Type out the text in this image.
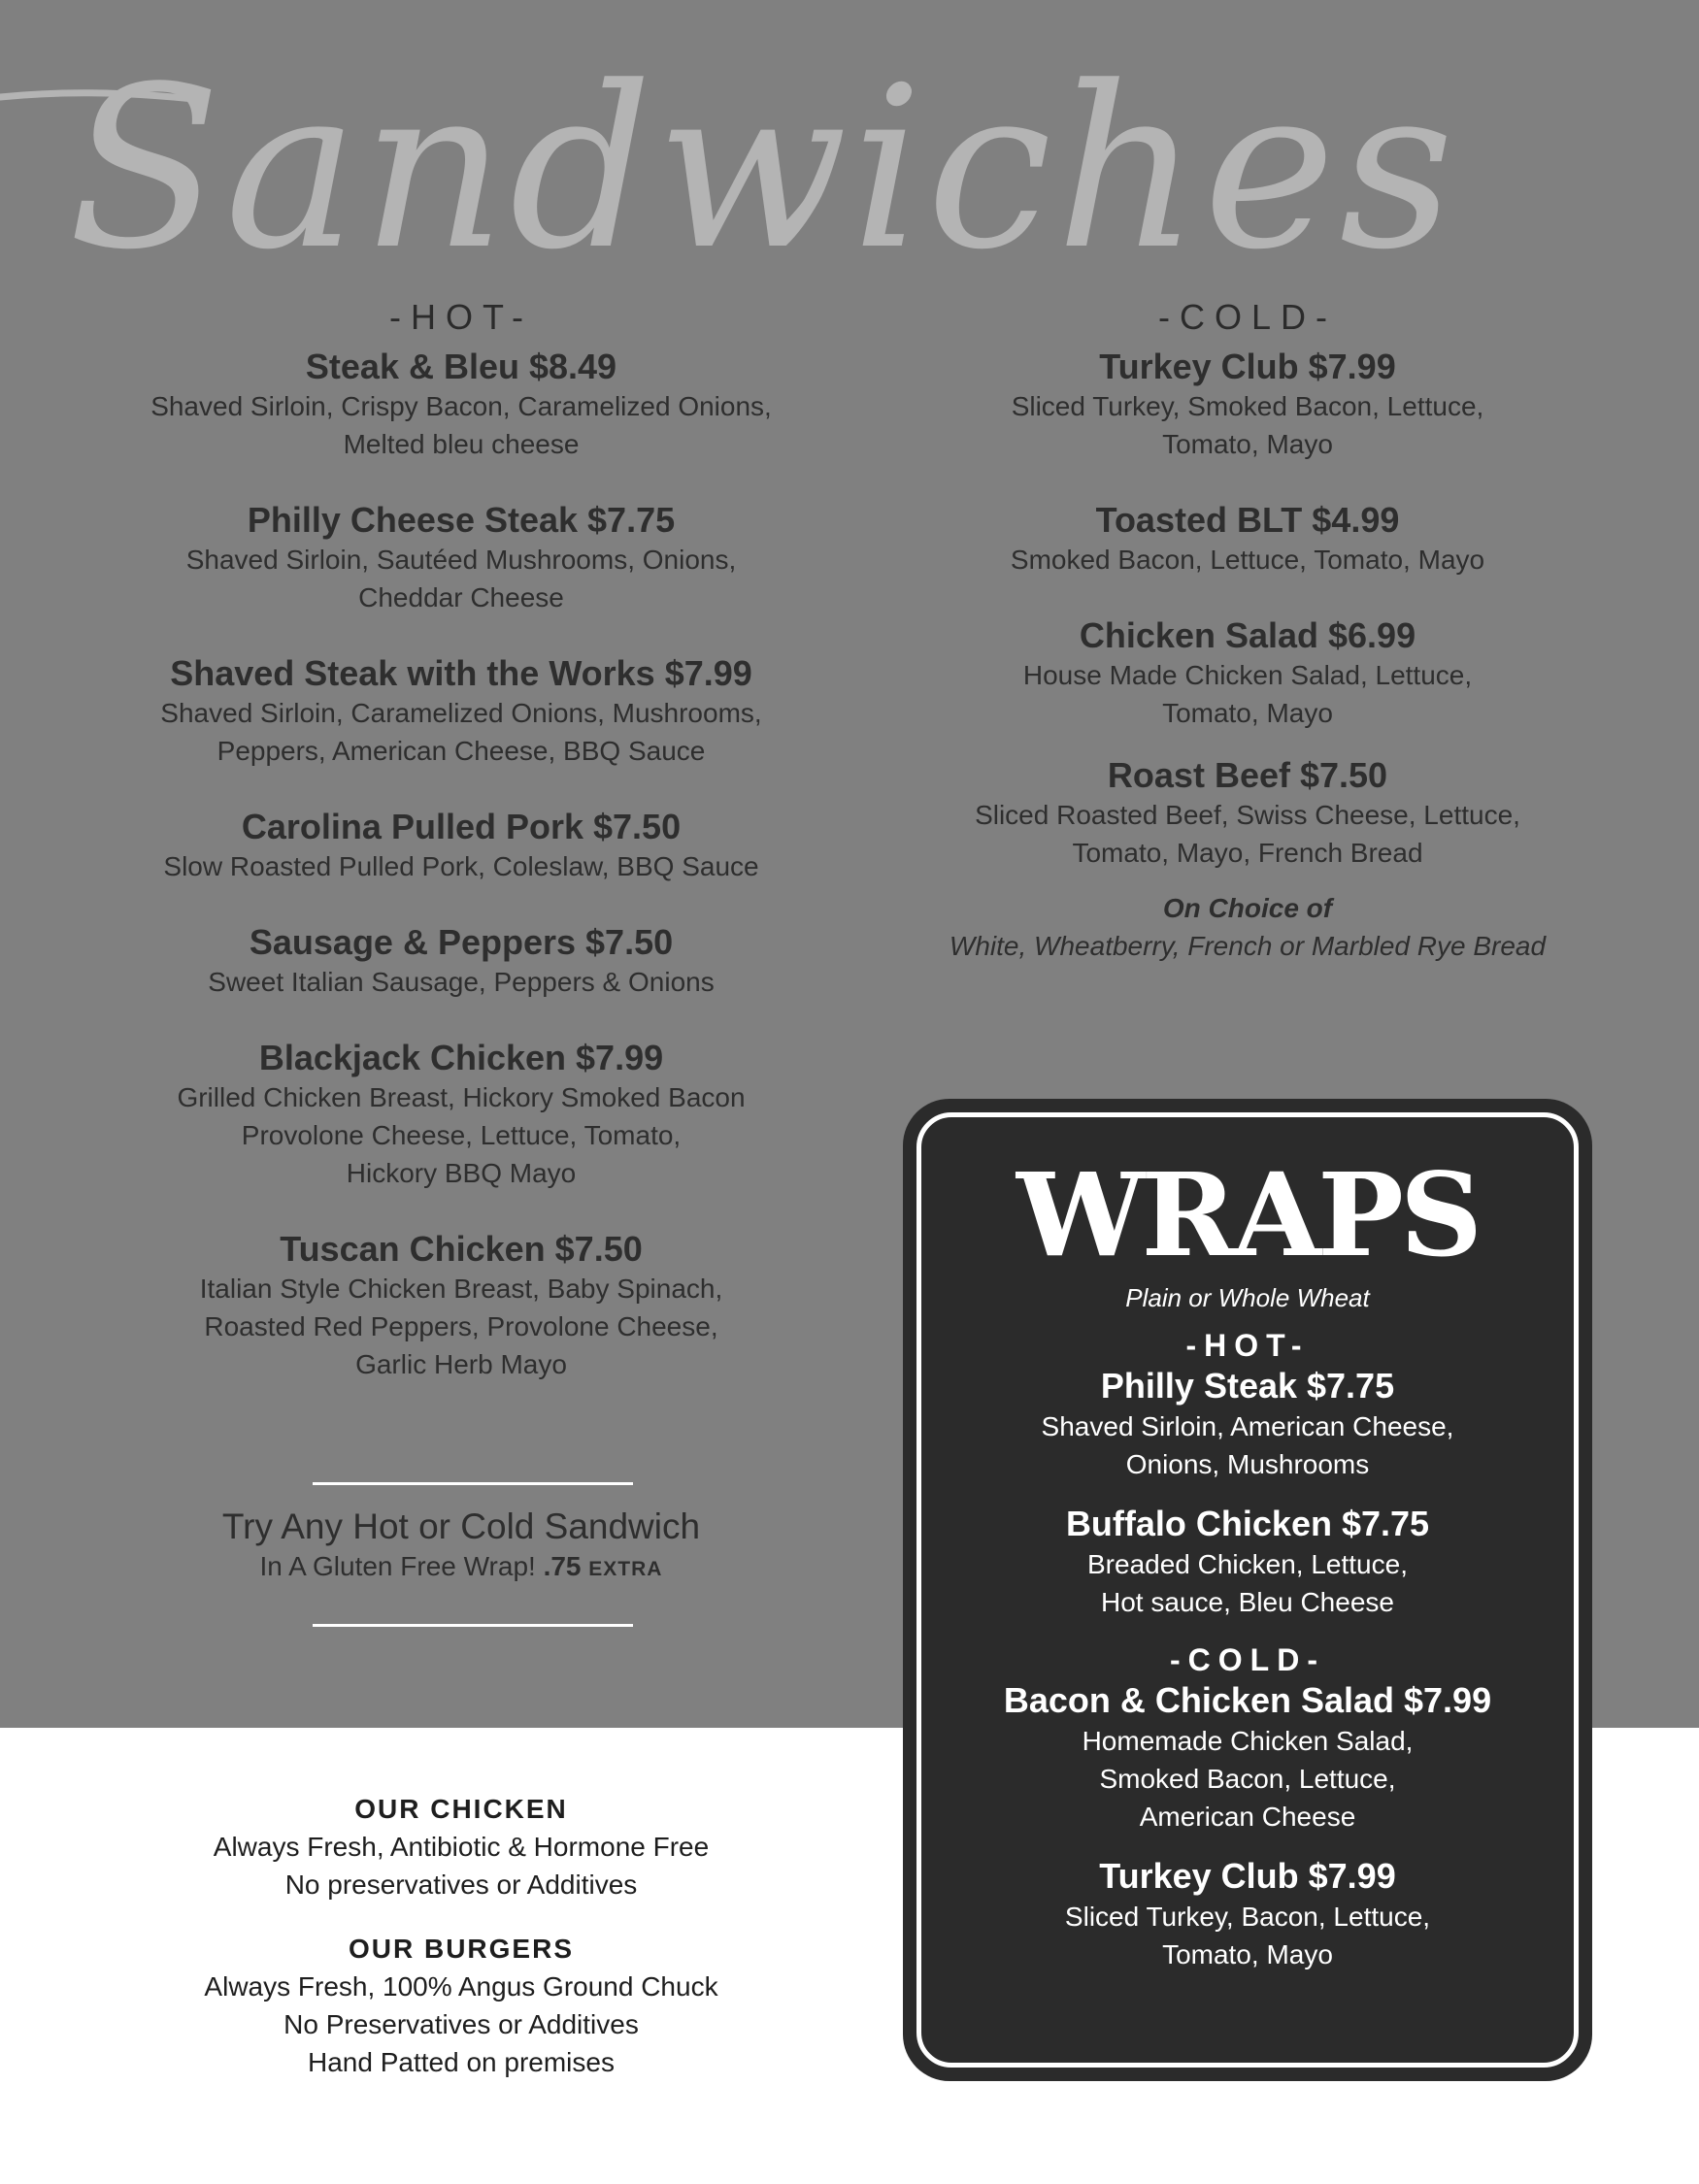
Sandwiches
-HOT-
Steak & Bleu $8.49
Shaved Sirloin, Crispy Bacon, Caramelized Onions,
Melted bleu cheese
Philly Cheese Steak $7.75
Shaved Sirloin, Sautéed Mushrooms, Onions,
Cheddar Cheese
Shaved Steak with the Works $7.99
Shaved Sirloin, Caramelized Onions, Mushrooms,
Peppers, American Cheese, BBQ Sauce
Carolina Pulled Pork $7.50
Slow Roasted Pulled Pork, Coleslaw, BBQ Sauce
Sausage & Peppers $7.50
Sweet Italian Sausage, Peppers & Onions
Blackjack Chicken $7.99
Grilled Chicken Breast, Hickory Smoked Bacon
Provolone Cheese, Lettuce, Tomato,
Hickory BBQ Mayo
Tuscan Chicken $7.50
Italian Style Chicken Breast, Baby Spinach,
Roasted Red Peppers, Provolone Cheese,
Garlic Herb Mayo
-COLD-
Turkey Club $7.99
Sliced Turkey, Smoked Bacon, Lettuce,
Tomato, Mayo
Toasted BLT $4.99
Smoked Bacon, Lettuce, Tomato, Mayo
Chicken Salad $6.99
House Made Chicken Salad, Lettuce,
Tomato, Mayo
Roast Beef $7.50
Sliced Roasted Beef, Swiss Cheese, Lettuce,
Tomato, Mayo, French Bread
On Choice of
White, Wheatberry, French or Marbled Rye Bread
Try Any Hot or Cold Sandwich
In A Gluten Free Wrap! .75 EXTRA
OUR CHICKEN
Always Fresh, Antibiotic & Hormone Free
No preservatives or Additives
OUR BURGERS
Always Fresh, 100% Angus Ground Chuck
No Preservatives or Additives
Hand Patted on premises
WRAPS
Plain or Whole Wheat
-HOT-
Philly Steak $7.75
Shaved Sirloin, American Cheese,
Onions, Mushrooms
Buffalo Chicken $7.75
Breaded Chicken, Lettuce,
Hot sauce, Bleu Cheese
-COLD-
Bacon & Chicken Salad $7.99
Homemade Chicken Salad,
Smoked Bacon, Lettuce,
American Cheese
Turkey Club $7.99
Sliced Turkey, Bacon, Lettuce,
Tomato, Mayo
